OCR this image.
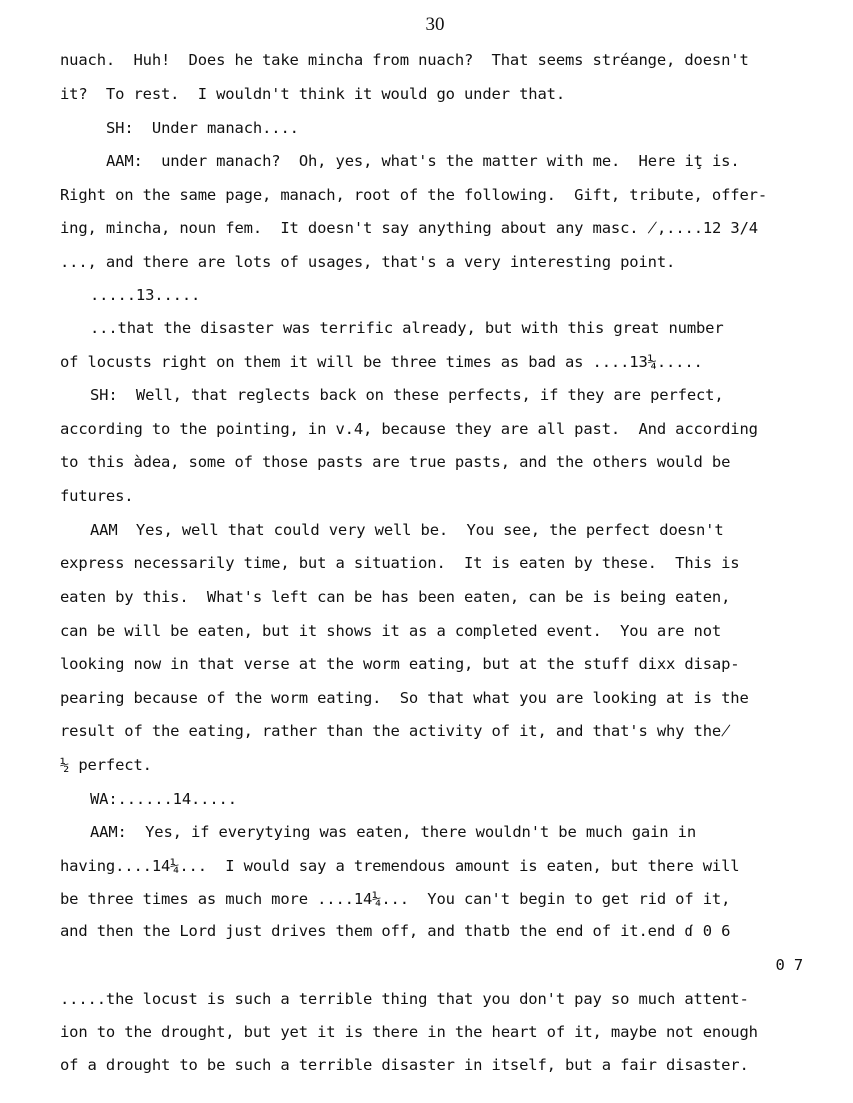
30
nuach.  Huh!  Does he take mincha from nuach?  That seems stréange, doesn't
it?  To rest.  I wouldn't think it would go under that.
SH:  Under manach....
AAM:  under manach?  Oh, yes, what's the matter with me.  Here iţ is.
Right on the same page, manach, root of the following.  Gift, tribute, offer-
ing, mincha, noun fem.  It doesn't say anything about any masc. ̸,....12 3/4
..., and there are lots of usages, that's a very interesting point.
.....13.....
...that the disaster was terrific already, but with this great number
of locusts right on them it will be three times as bad as ....13¼.....
SH:  Well, that reglects back on these perfects, if they are perfect,
according to the pointing, in v.4, because they are all past.  And according
to this àdea, some of those pasts are true pasts, and the others would be
futures.
AAM  Yes, well that could very well be.  You see, the perfect doesn't
express necessarily time, but a situation.  It is eaten by these.  This is
eaten by this.  What's left can be has been eaten, can be is being eaten,
can be will be eaten, but it shows it as a completed event.  You are not
looking now in that verse at the worm eating, but at the stuff dixx disap-
pearing because of the worm eating.  So that what you are looking at is the
result of the eating, rather than the activity of it, and that's why the̸
½ perfect.
WA:......14.....
AAM:  Yes, if everytying was eaten, there wouldn't be much gain in
having....14¼...  I would say a tremendous amount is eaten, but there will
be three times as much more ....14¼...  You can't begin to get rid of it,
and then the Lord just drives them off, and thatb the end of it.end ɗ 0 6
0 7
.....the locust is such a terrible thing that you don't pay so much attent-
ion to the drought, but yet it is there in the heart of it, maybe not enough
of a drought to be such a terrible disaster in itself, but a fair disaster.
